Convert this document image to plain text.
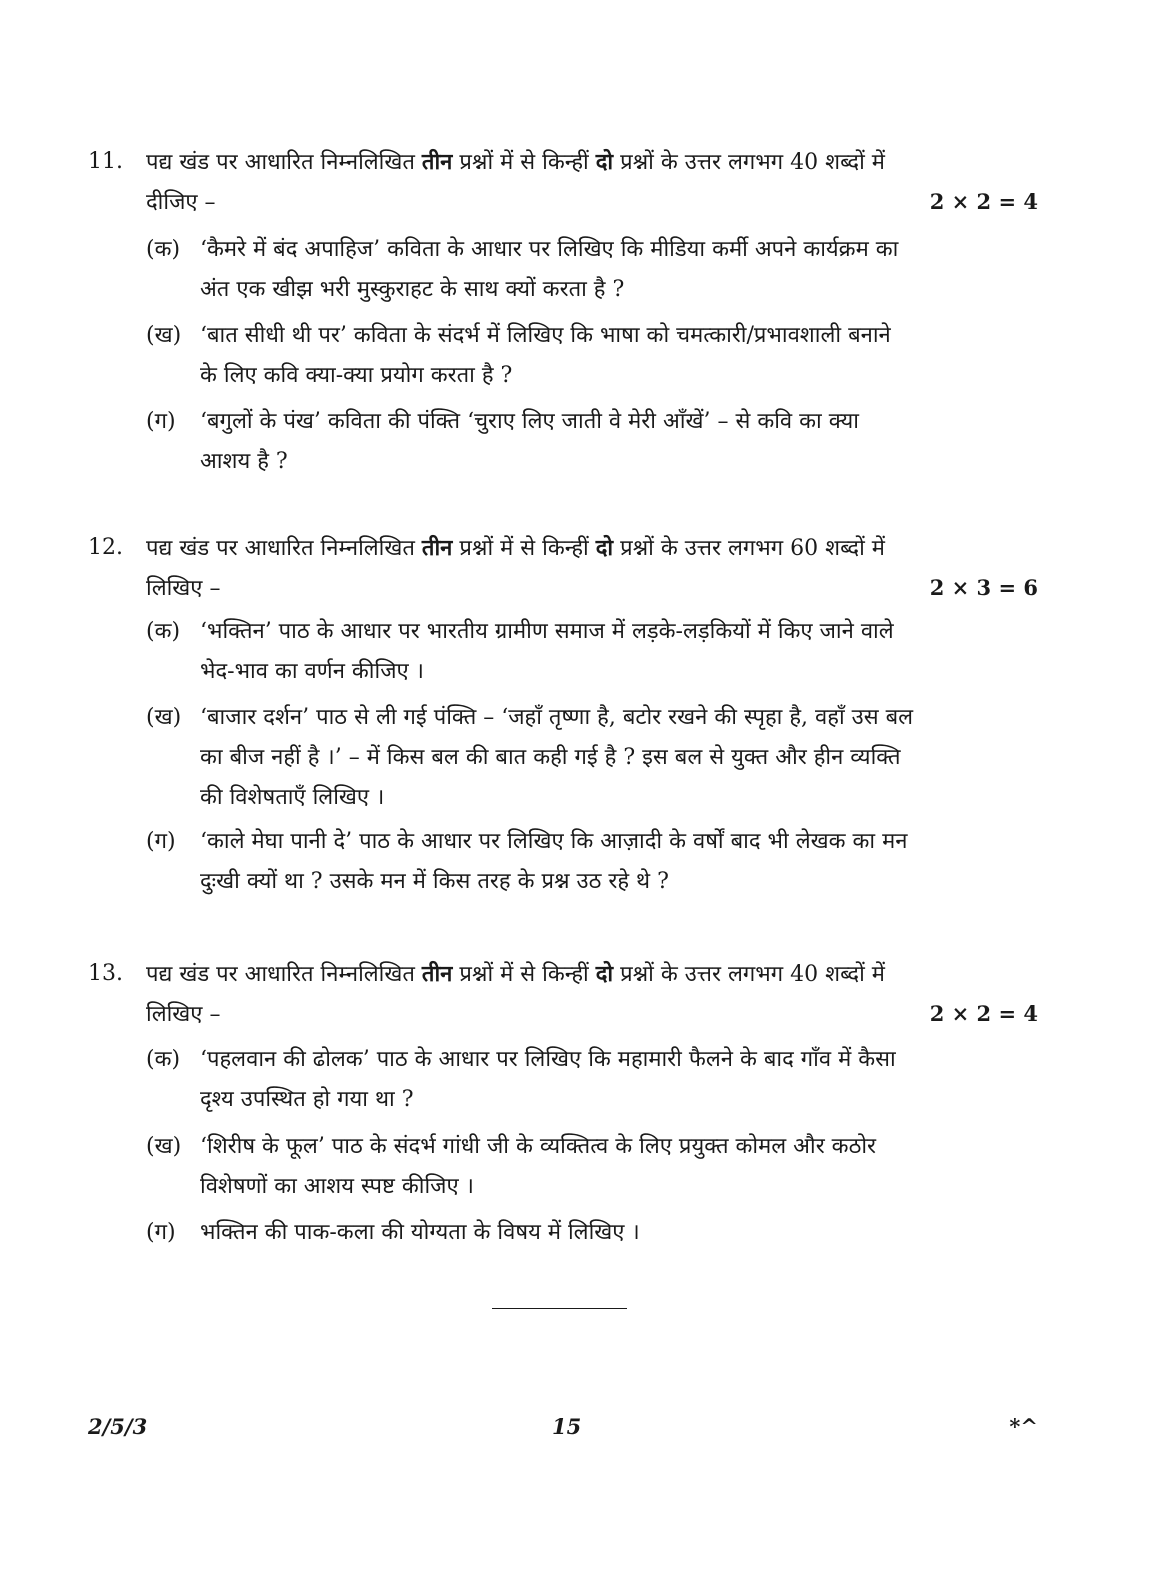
11. पद्य खंड पर आधारित निम्नलिखित तीन प्रश्नों में से किन्हीं दो प्रश्नों के उत्तर लगभग 40 शब्दों में
दीजिए –	2 × 2 = 4
(क) ‘कैमरे में बंद अपाहिज’ कविता के आधार पर लिखिए कि मीडिया कर्मी अपने कार्यक्रम का
अंत एक खीझ भरी मुस्कुराहट के साथ क्यों करता है ?
(ख) ‘बात सीधी थी पर’ कविता के संदर्भ में लिखिए कि भाषा को चमत्कारी/प्रभावशाली बनाने
के लिए कवि क्या-क्या प्रयोग करता है ?
(ग) ‘बगुलों के पंख’ कविता की पंक्ति ‘चुराए लिए जाती वे मेरी आँखें’ – से कवि का क्या
आशय है ?
12. पद्य खंड पर आधारित निम्नलिखित तीन प्रश्नों में से किन्हीं दो प्रश्नों के उत्तर लगभग 60 शब्दों में
लिखिए –	2 × 3 = 6
(क) ‘भक्तिन’ पाठ के आधार पर भारतीय ग्रामीण समाज में लड़के-लड़कियों में किए जाने वाले
भेद-भाव का वर्णन कीजिए ।
(ख) ‘बाजार दर्शन’ पाठ से ली गई पंक्ति – ‘जहाँ तृष्णा है, बटोर रखने की स्पृहा है, वहाँ उस बल
का बीज नहीं है ।’ – में किस बल की बात कही गई है ? इस बल से युक्त और हीन व्यक्ति
की विशेषताएँ लिखिए ।
(ग) ‘काले मेघा पानी दे’ पाठ के आधार पर लिखिए कि आज़ादी के वर्षों बाद भी लेखक का मन
दुःखी क्यों था ? उसके मन में किस तरह के प्रश्न उठ रहे थे ?
13. पद्य खंड पर आधारित निम्नलिखित तीन प्रश्नों में से किन्हीं दो प्रश्नों के उत्तर लगभग 40 शब्दों में
लिखिए –	2 × 2 = 4
(क) ‘पहलवान की ढोलक’ पाठ के आधार पर लिखिए कि महामारी फैलने के बाद गाँव में कैसा
दृश्य उपस्थित हो गया था ?
(ख) ‘शिरीष के फूल’ पाठ के संदर्भ गांधी जी के व्यक्तित्व के लिए प्रयुक्त कोमल और कठोर
विशेषणों का आशय स्पष्ट कीजिए ।
(ग) भक्तिन की पाक-कला की योग्यता के विषय में लिखिए ।
2/5/3	15	*^
